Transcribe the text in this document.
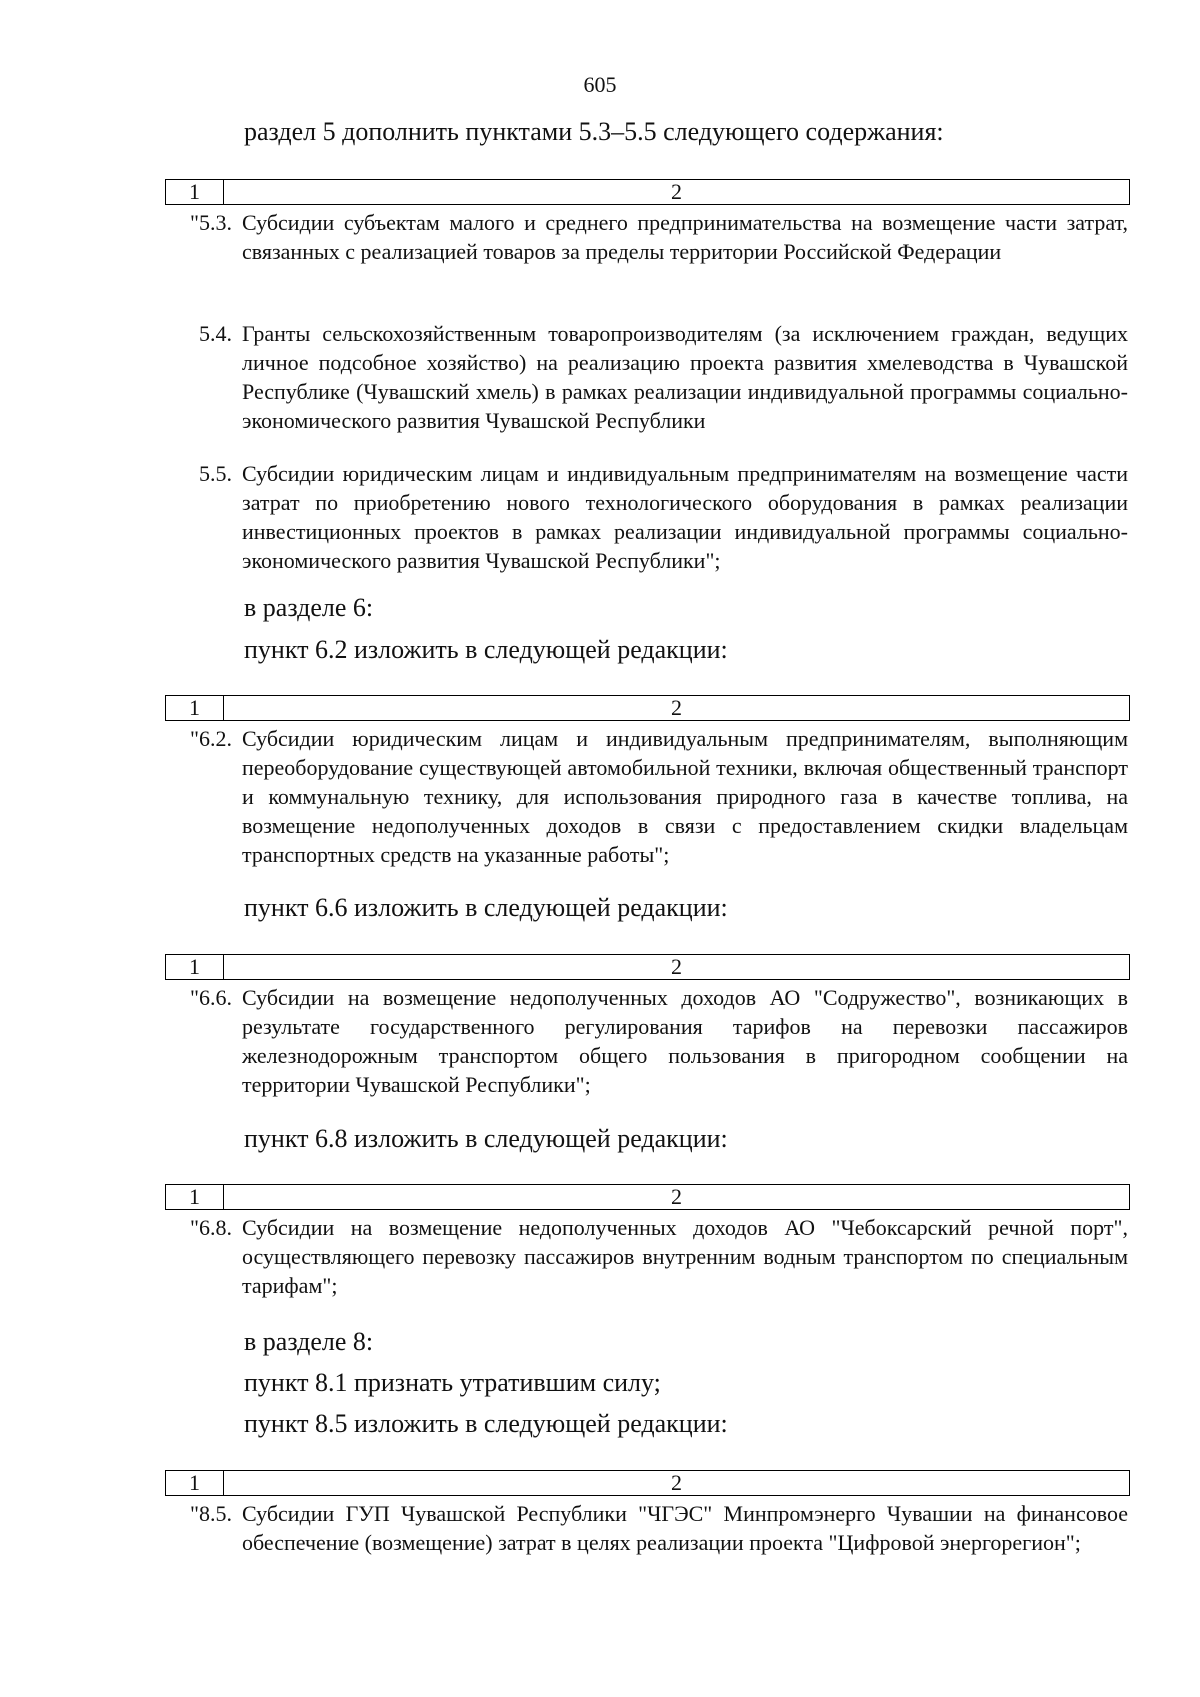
605
раздел 5 дополнить пунктами 5.3–5.5 следующего содержания:
1	2
"5.3. Субсидии субъектам малого и среднего предпринимательства на возмещение части затрат, связанных с реализацией товаров за пределы территории Российской Федерации
5.4. Гранты сельскохозяйственным товаропроизводителям (за исключением граждан, ведущих личное подсобное хозяйство) на реализацию проекта развития хмелеводства в Чувашской Республике (Чувашский хмель) в рамках реализации индивидуальной программы социально-экономического развития Чувашской Республики
5.5. Субсидии юридическим лицам и индивидуальным предпринимателям на возмещение части затрат по приобретению нового технологического оборудования в рамках реализации инвестиционных проектов в рамках реализации индивидуальной программы социально-экономического развития Чувашской Республики";
в разделе 6:
пункт 6.2 изложить в следующей редакции:
1	2
"6.2. Субсидии юридическим лицам и индивидуальным предпринимателям, выполняющим переоборудование существующей автомобильной техники, включая общественный транспорт и коммунальную технику, для использования природного газа в качестве топлива, на возмещение недополученных доходов в связи с предоставлением скидки владельцам транспортных средств на указанные работы";
пункт 6.6 изложить в следующей редакции:
1	2
"6.6. Субсидии на возмещение недополученных доходов АО "Содружество", возникающих в результате государственного регулирования тарифов на перевозки пассажиров железнодорожным транспортом общего пользования в пригородном сообщении на территории Чувашской Республики";
пункт 6.8 изложить в следующей редакции:
1	2
"6.8. Субсидии на возмещение недополученных доходов АО "Чебоксарский речной порт", осуществляющего перевозку пассажиров внутренним водным транспортом по специальным тарифам";
в разделе 8:
пункт 8.1 признать утратившим силу;
пункт 8.5 изложить в следующей редакции:
1	2
"8.5. Субсидии ГУП Чувашской Республики "ЧГЭС" Минпромэнерго Чувашии на финансовое обеспечение (возмещение) затрат в целях реализации проекта "Цифровой энергорегион";
